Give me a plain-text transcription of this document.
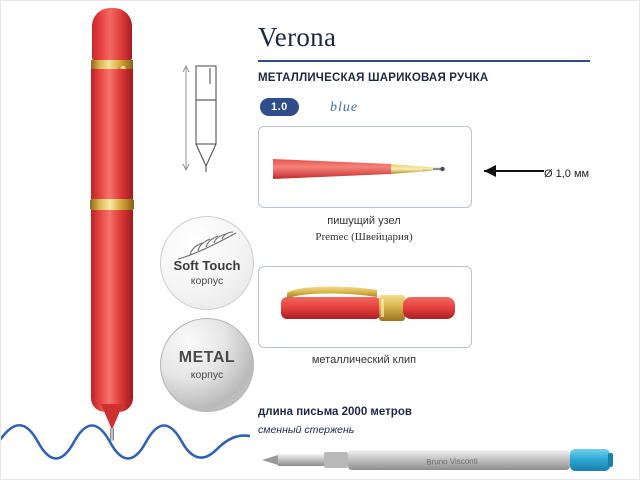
Soft Touch
корпус
METAL
корпус
Verona
МЕТАЛЛИЧЕСКАЯ ШАРИКОВАЯ РУЧКА
1.0	blue
Ø 1,0 мм
пишущий узел
Premec (Швейцария)
металлический клип
длина письма 2000 метров
сменный стержень
Bruno Visconti
